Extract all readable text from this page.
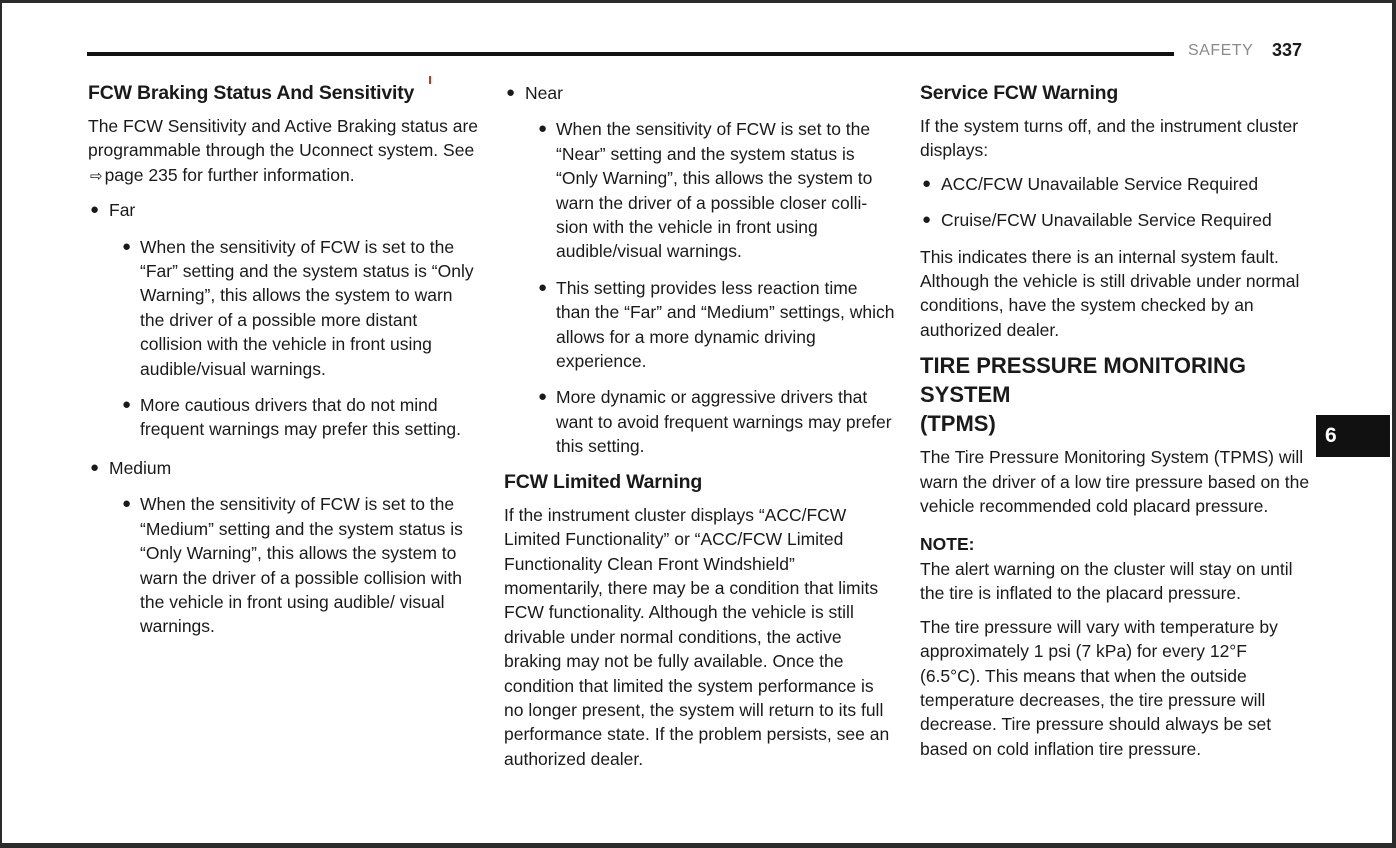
SAFETY 337
6
FCW Braking Status And Sensitivity

The FCW Sensitivity and Active Braking status are programmable through the Uconnect system. See ⇨ page 235 for further information.

● Far
● When the sensitivity of FCW is set to the “Far” setting and the system status is “Only Warning”, this allows the system to warn the driver of a possible more distant collision with the vehicle in front using audible/visual warnings.
● More cautious drivers that do not mind frequent warnings may prefer this setting.
● Medium
● When the sensitivity of FCW is set to the “Medium” setting and the system status is “Only Warning”, this allows the system to warn the driver of a possible collision with the vehicle in front using audible/ visual warnings.
● Near
● When the sensitivity of FCW is set to the “Near” setting and the system status is “Only Warning”, this allows the system to warn the driver of a possible closer colli-sion with the vehicle in front using audible/visual warnings.
● This setting provides less reaction time than the “Far” and “Medium” settings, which allows for a more dynamic driving experience.
● More dynamic or aggressive drivers that want to avoid frequent warnings may prefer this setting.
FCW Limited Warning

If the instrument cluster displays “ACC/FCW Limited Functionality” or “ACC/FCW Limited Functionality Clean Front Windshield” momentarily, there may be a condition that limits FCW functionality. Although the vehicle is still drivable under normal conditions, the active braking may not be fully available. Once the condition that limited the system performance is no longer present, the system will return to its full performance state. If the problem persists, see an authorized dealer.

Service FCW Warning

If the system turns off, and the instrument cluster displays:

● ACC/FCW Unavailable Service Required
● Cruise/FCW Unavailable Service Required

This indicates there is an internal system fault. Although the vehicle is still drivable under normal conditions, have the system checked by an authorized dealer.

TIRE PRESSURE MONITORING SYSTEM
(TPMS)

The Tire Pressure Monitoring System (TPMS) will warn the driver of a low tire pressure based on the vehicle recommended cold placard pressure.

NOTE:

The alert warning on the cluster will stay on until the tire is inflated to the placard pressure.

The tire pressure will vary with temperature by approximately 1 psi (7 kPa) for every 12°F (6.5°C). This means that when the outside temperature decreases, the tire pressure will decrease. Tire pressure should always be set based on cold inflation tire pressure.
